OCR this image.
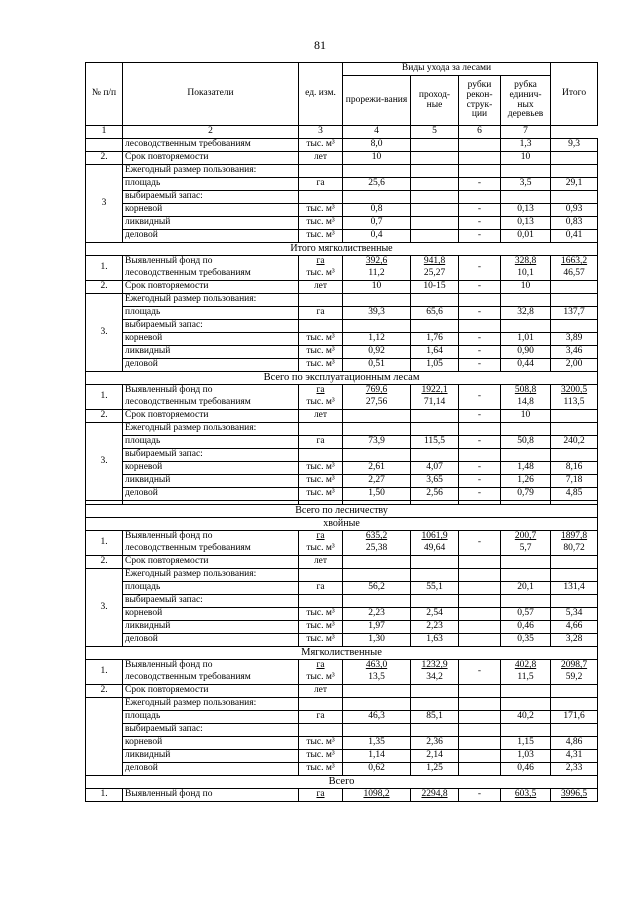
81
№ п/п	Показатели	ед. изм.	Виды ухода за лесами				Итого
			прорежи-вания	проход-ные	рубки рекон-струк-ции	рубка единич-ных деревьев	
1	2	3	4	5	6	7	
	лесоводственным требованиям	тыс. м³	8,0			1,3	9,3
2.	Срок повторяемости	лет	10			10	
3	Ежегодный размер пользования:						
	площадь	га	25,6		-	3,5	29,1
	выбираемый запас:						
	корневой	тыс. м³	0,8		-	0,13	0,93
	ликвидный	тыс. м³	0,7		-	0,13	0,83
	деловой	тыс. м³	0,4		-	0,01	0,41
Итого мягколиственные							
1.	Выявленный фонд по	га	392,6	941,8	-	328,8	1663,2
	лесоводственным требованиям	тыс. м³	11,2	25,27		10,1	46,57
2.	Срок повторяемости	лет	10	10-15	-	10	
3.	Ежегодный размер пользования:						
	площадь	га	39,3	65,6	-	32,8	137,7
	выбираемый запас:						
	корневой	тыс. м³	1,12	1,76	-	1,01	3,89
	ликвидный	тыс. м³	0,92	1,64	-	0,90	3,46
	деловой	тыс. м³	0,51	1,05	-	0,44	2,00
Всего по эксплуатационным лесам							
1.	Выявленный фонд по	га	769,6	1922,1	-	508,8	3200,5
	лесоводственным требованиям	тыс. м³	27,56	71,14		14,8	113,5
2.	Срок повторяемости	лет			-	10	
3.	Ежегодный размер пользования:						
	площадь	га	73,9	115,5	-	50,8	240,2
	выбираемый запас:						
	корневой	тыс. м³	2,61	4,07	-	1,48	8,16
	ликвидный	тыс. м³	2,27	3,65	-	1,26	7,18
	деловой	тыс. м³	1,50	2,56	-	0,79	4,85

Всего по лесничеству							
хвойные							
1.	Выявленный фонд по	га	635,2	1061,9	-	200,7	1897,8
	лесоводственным требованиям	тыс. м³	25,38	49,64		5,7	80,72
2.	Срок повторяемости	лет					
3.	Ежегодный размер пользования:						
	площадь	га	56,2	55,1		20,1	131,4
	выбираемый запас:						
	корневой	тыс. м³	2,23	2,54		0,57	5,34
	ликвидный	тыс. м³	1,97	2,23		0,46	4,66
	деловой	тыс. м³	1,30	1,63		0,35	3,28
Мягколиственные							
1.	Выявленный фонд по	га	463,0	1232,9	-	402,8	2098,7
	лесоводственным требованиям	тыс. м³	13,5	34,2		11,5	59,2
2.	Срок повторяемости	лет					
	Ежегодный размер пользования:						
	площадь	га	46,3	85,1		40,2	171,6
	выбираемый запас:						
	корневой	тыс. м³	1,35	2,36		1,15	4,86
	ликвидный	тыс. м³	1,14	2,14		1,03	4,31
	деловой	тыс. м³	0,62	1,25		0,46	2,33
Всего							
1.	Выявленный фонд по	га	1098,2	2294,8	-	603,5	3996,5
